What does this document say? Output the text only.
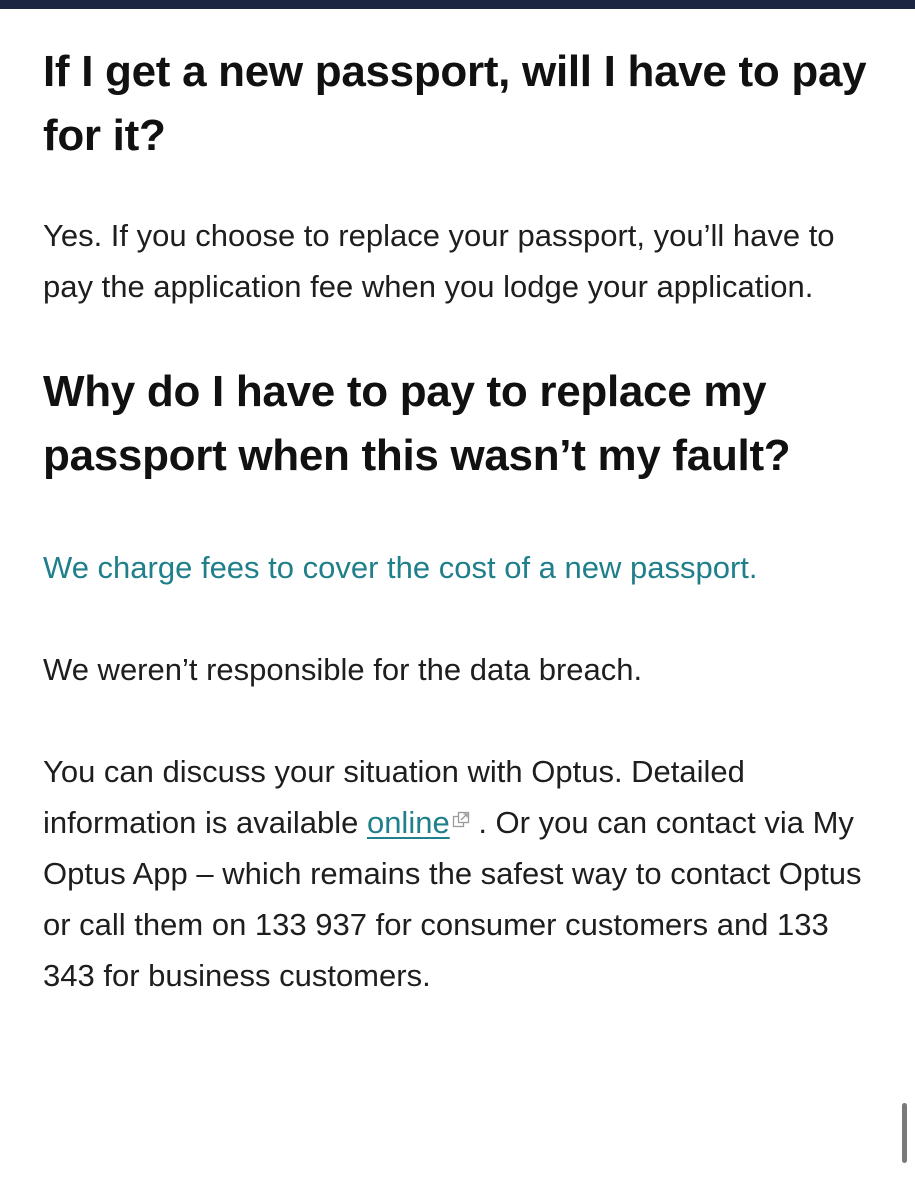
If I get a new passport, will I have to pay for it?

Yes. If you choose to replace your passport, you’ll have to pay the application fee when you lodge your application.

Why do I have to pay to replace my passport when this wasn’t my fault?

We charge fees to cover the cost of a new passport.

We weren’t responsible for the data breach.

You can discuss your situation with Optus. Detailed information is available online . Or you can contact via My Optus App – which remains the safest way to contact Optus or call them on 133 937 for consumer customers and 133 343 for business customers.
